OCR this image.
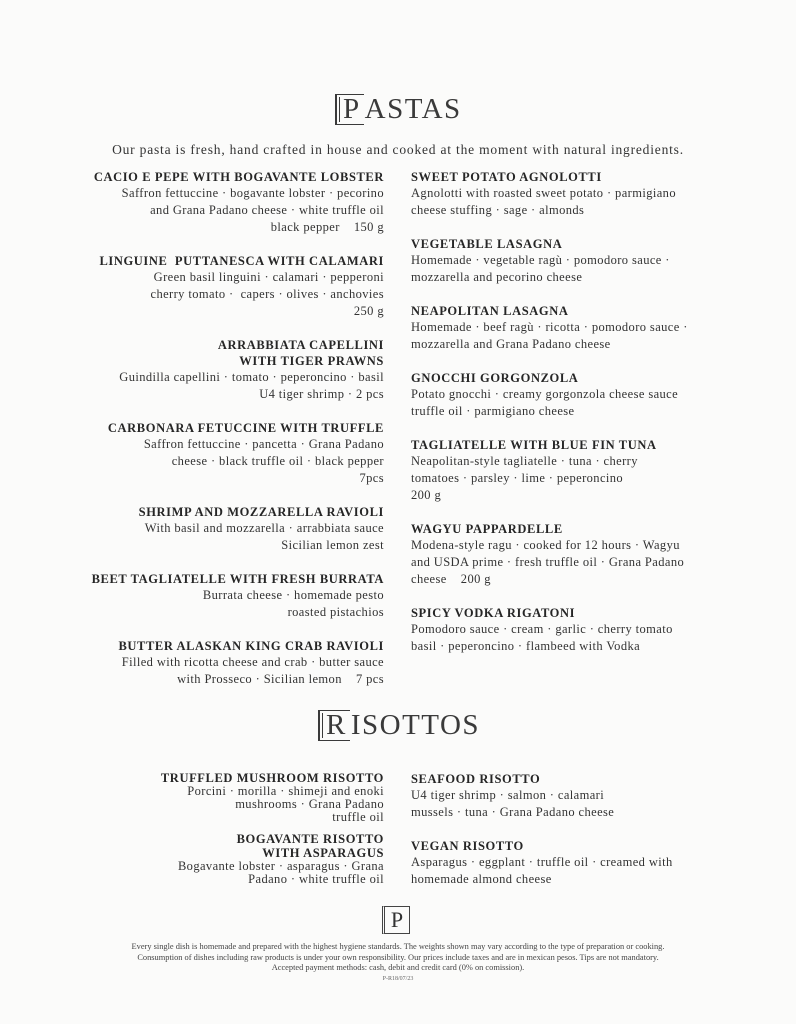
P ASTAS
Our pasta is fresh, hand crafted in house and cooked at the moment with natural ingredients.
CACIO E PEPE WITH BOGAVANTE LOBSTER
Saffron fettuccine · bogavante lobster · pecorino
and Grana Padano cheese · white truffle oil
black pepper    150 g
LINGUINE  PUTTANESCA WITH CALAMARI
Green basil linguini · calamari · pepperoni
cherry tomato ·  capers · olives · anchovies
250 g
ARRABBIATA CAPELLINI
WITH TIGER PRAWNS
Guindilla capellini · tomato · peperoncino · basil
U4 tiger shrimp · 2 pcs
CARBONARA FETUCCINE WITH TRUFFLE
Saffron fettuccine · pancetta · Grana Padano
cheese · black truffle oil · black pepper
7pcs
SHRIMP AND MOZZARELLA RAVIOLI
With basil and mozzarella · arrabbiata sauce
Sicilian lemon zest
BEET TAGLIATELLE WITH FRESH BURRATA
Burrata cheese · homemade pesto
roasted pistachios
BUTTER ALASKAN KING CRAB RAVIOLI
Filled with ricotta cheese and crab · butter sauce
with Prosseco · Sicilian lemon    7 pcs
SWEET POTATO AGNOLOTTI
Agnolotti with roasted sweet potato · parmigiano
cheese stuffing · sage · almonds
VEGETABLE LASAGNA
Homemade · vegetable ragù · pomodoro sauce ·
mozzarella and pecorino cheese
NEAPOLITAN LASAGNA
Homemade · beef ragù · ricotta · pomodoro sauce ·
mozzarella and Grana Padano cheese
GNOCCHI GORGONZOLA
Potato gnocchi · creamy gorgonzola cheese sauce
truffle oil · parmigiano cheese
TAGLIATELLE WITH BLUE FIN TUNA
Neapolitan-style tagliatelle · tuna · cherry
tomatoes · parsley · lime · peperoncino
200 g
WAGYU PAPPARDELLE
Modena-style ragu · cooked for 12 hours · Wagyu
and USDA prime · fresh truffle oil · Grana Padano
cheese    200 g
SPICY VODKA RIGATONI
Pomodoro sauce · cream · garlic · cherry tomato
basil · peperoncino · flambeed with Vodka
R ISOTTOS
TRUFFLED MUSHROOM RISOTTO
Porcini · morilla · shimeji and enoki
mushrooms · Grana Padano
truffle oil
BOGAVANTE RISOTTO
WITH ASPARAGUS
Bogavante lobster · asparagus · Grana
Padano · white truffle oil
SEAFOOD RISOTTO
U4 tiger shrimp · salmon · calamari
mussels · tuna · Grana Padano cheese
VEGAN RISOTTO
Asparagus · eggplant · truffle oil · creamed with
homemade almond cheese
P
Every single dish is homemade and prepared with the highest hygiene standards. The weights shown may vary according to the type of preparation or cooking.
Consumption of dishes including raw products is under your own responsibility. Our prices include taxes and are in mexican pesos. Tips are not mandatory.
Accepted payment methods: cash, debit and credit card (0% on comission).
P-R18/07/23
